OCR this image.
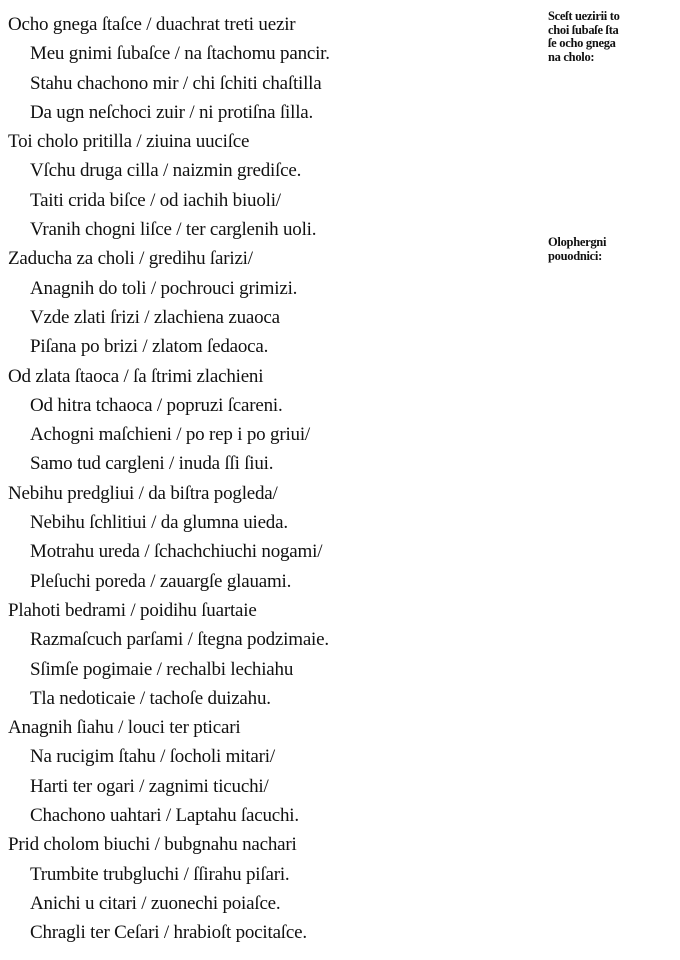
Ocho gnega ſtaſce / duachrat treti uezir
Meu gnimi ſubaſce / na ſtachomu pancir.
Stahu chachono mir / chi ſchiti chaſtilla
Da ugn neſchoci zuir / ni protiſna ſilla.
Toi cholo pritilla / ziuina uuciſce
Vſchu druga cilla / naizmin grediſce.
Taiti crida biſce / od iachih biuoli/
Vranih chogni liſce / ter carglenih uoli.
Zaducha za choli / gredihu ſarizi/
Anagnih do toli / pochrouci grimizi.
Vzde zlati ſrizi / zlachiena zuaoca
Piſana po brizi / zlatom ſedaoca.
Od zlata ſtaoca / ſa ſtrimi zlachieni
Od hitra tchaoca / popruzi ſcareni.
Achogni maſchieni / po rep i po griui/
Samo tud cargleni / inuda ſſi ſiui.
Nebihu predgliui / da biſtra pogleda/
Nebihu ſchlitiui / da glumna uieda.
Motrahu ureda / ſchachchiuchi nogami/
Pleſuchi poreda / zauargſe glauami.
Plahoti bedrami / poidihu ſuartaie
Razmaſcuch parſami / ſtegna podzimaie.
Sſimſe pogimaie / rechalbi lechiahu
Tla nedoticaie / tachoſe duizahu.
Anagnih ſiahu / louci ter pticari
Na rucigim ſtahu / ſocholi mitari/
Harti ter ogari / zagnimi ticuchi/
Chachono uahtari / Laptahu ſacuchi.
Prid cholom biuchi / bubgnahu nachari
Trumbite trubgluchi / ſſirahu piſari.
Anichi u citari / zuonechi poiaſce.
Chragli ter Ceſari / hrabioſt pocitaſce.
Sceſt uezirii to
choi ſubaſe ſta
ſe ocho gnega
na cholo:
Olophergni
pouodnici:
